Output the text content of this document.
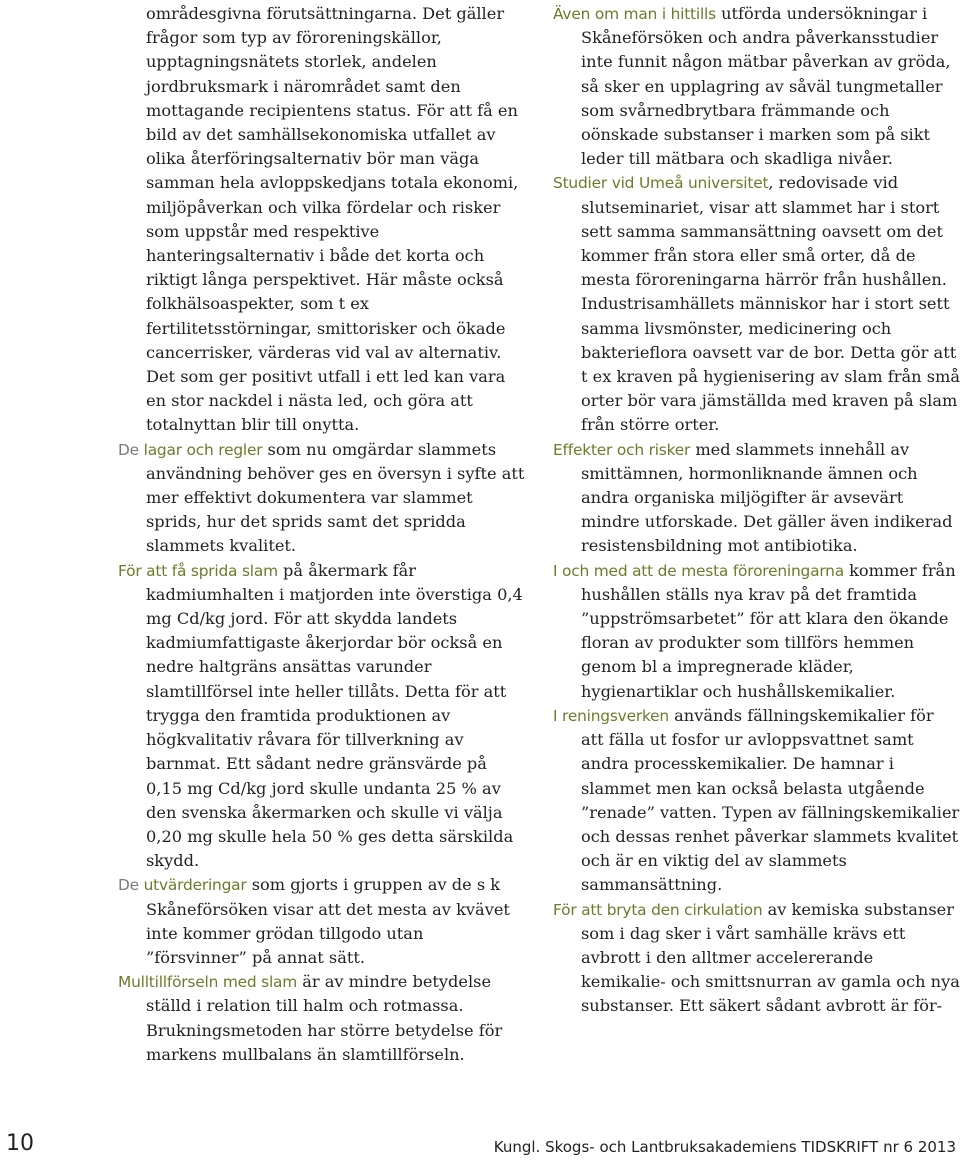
områdesgivna förutsättningarna. Det gäller frågor som typ av föroreningskällor, upptagningsnätets storlek, andelen jordbruksmark i närområdet samt den mottagande recipientens status. För att få en bild av det samhällsekonomiska utfallet av olika återföringsalternativ bör man väga samman hela avloppskedjans totala ekonomi, miljöpåverkan och vilka fördelar och risker som uppstår med respektive hanteringsalternativ i både det korta och riktigt långa perspektivet. Här måste också folkhälsoaspekter, som t ex fertilitetsstörningar, smittorisker och ökade cancerrisker, värderas vid val av alternativ. Det som ger positivt utfall i ett led kan vara en stor nackdel i nästa led, och göra att totalnyttan blir till onytta.

De lagar och regler som nu omgärdar slammets användning behöver ges en översyn i syfte att mer effektivt dokumentera var slammet sprids, hur det sprids samt det spridda slammets kvalitet.

För att få sprida slam på åkermark får kadmiumhalten i matjorden inte överstiga 0,4 mg Cd/kg jord. För att skydda landets kadmiumfattigaste åkerjordar bör också en nedre haltgräns ansättas varunder slamtillförsel inte heller tillåts. Detta för att trygga den framtida produktionen av högkvalitativ råvara för tillverkning av barnmat. Ett sådant nedre gränsvärde på 0,15 mg Cd/kg jord skulle undanta 25 % av den svenska åkermarken och skulle vi välja 0,20 mg skulle hela 50 % ges detta särskilda skydd.

De utvärderingar som gjorts i gruppen av de s k Skåneförsöken visar att det mesta av kvävet inte kommer grödan tillgodo utan ”försvinner” på annat sätt.

Mulltillförseln med slam är av mindre betydelse ställd i relation till halm och rotmassa. Brukningsmetoden har större betydelse för markens mullbalans än slamtillförseln.

Även om man i hittills utförda undersökningar i Skåneförsöken och andra påverkansstudier inte funnit någon mätbar påverkan av gröda, så sker en upplagring av såväl tungmetaller som svårnedbrytbara främmande och oönskade substanser i marken som på sikt leder till mätbara och skadliga nivåer.

Studier vid Umeå universitet, redovisade vid slutseminariet, visar att slammet har i stort sett samma sammansättning oavsett om det kommer från stora eller små orter, då de mesta föroreningarna härrör från hushållen. Industrisamhällets människor har i stort sett samma livsmönster, medicinering och bakterieflora oavsett var de bor. Detta gör att t ex kraven på hygienisering av slam från små orter bör vara jämställda med kraven på slam från större orter.

Effekter och risker med slammets innehåll av smittämnen, hormonliknande ämnen och andra organiska miljögifter är avsevärt mindre utforskade. Det gäller även indikerad resistensbildning mot antibiotika.

I och med att de mesta föroreningarna kommer från hushållen ställs nya krav på det framtida ”uppströmsarbetet” för att klara den ökande floran av produkter som tillförs hemmen genom bl a impregnerade kläder, hygienartiklar och hushållskemikalier.

I reningsverken används fällningskemikalier för att fälla ut fosfor ur avloppsvattnet samt andra processkemikalier. De hamnar i slammet men kan också belasta utgående ”renade” vatten. Typen av fällningskemikalier och dessas renhet påverkar slammets kvalitet och är en viktig del av slammets sammansättning.

För att bryta den cirkulation av kemiska substanser som i dag sker i vårt samhälle krävs ett avbrott i den alltmer accelererande kemikalie- och smittsnurran av gamla och nya substanser. Ett säkert sådant avbrott är för-

10	Kungl. Skogs- och Lantbruksakademiens TIDSKRIFT nr 6 2013
